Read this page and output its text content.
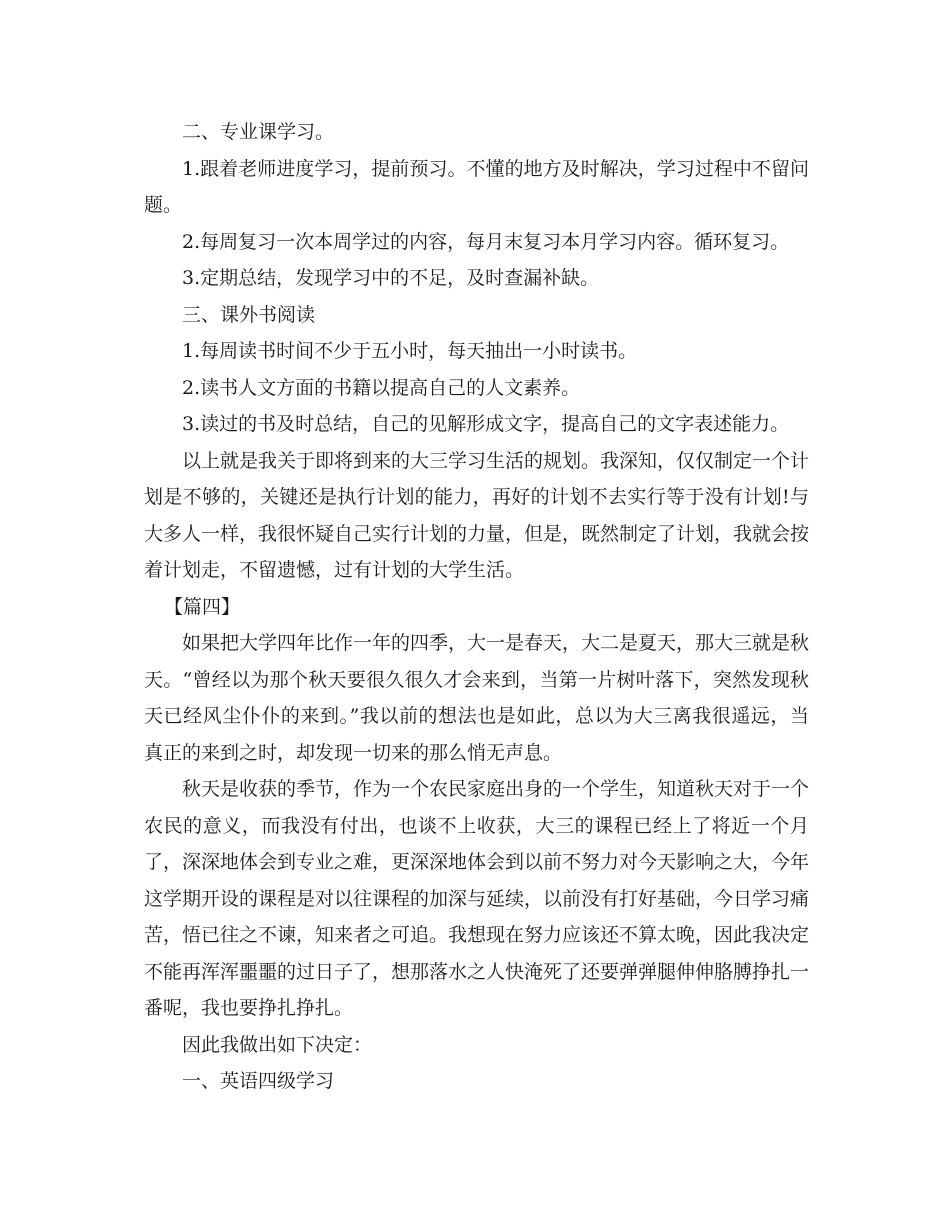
二、专业课学习。

1.跟着老师进度学习，提前预习。不懂的地方及时解决，学习过程中不留问题。

2.每周复习一次本周学过的内容，每月末复习本月学习内容。循环复习。

3.定期总结，发现学习中的不足，及时查漏补缺。

三、课外书阅读

1.每周读书时间不少于五小时，每天抽出一小时读书。

2.读书人文方面的书籍以提高自己的人文素养。

3.读过的书及时总结，自己的见解形成文字，提高自己的文字表述能力。

以上就是我关于即将到来的大三学习生活的规划。我深知，仅仅制定一个计划是不够的，关键还是执行计划的能力，再好的计划不去实行等于没有计划!与大多人一样，我很怀疑自己实行计划的力量，但是，既然制定了计划，我就会按着计划走，不留遗憾，过有计划的大学生活。

【篇四】

如果把大学四年比作一年的四季，大一是春天，大二是夏天，那大三就是秋天。“曾经以为那个秋天要很久很久才会来到，当第一片树叶落下，突然发现秋天已经风尘仆仆的来到。”我以前的想法也是如此，总以为大三离我很遥远，当真正的来到之时，却发现一切来的那么悄无声息。

秋天是收获的季节，作为一个农民家庭出身的一个学生，知道秋天对于一个农民的意义，而我没有付出，也谈不上收获，大三的课程已经上了将近一个月了，深深地体会到专业之难，更深深地体会到以前不努力对今天影响之大，今年这学期开设的课程是对以往课程的加深与延续，以前没有打好基础，今日学习痛苦，悟已往之不谏，知来者之可追。我想现在努力应该还不算太晚，因此我决定不能再浑浑噩噩的过日子了，想那落水之人快淹死了还要弹弹腿伸伸胳膊挣扎一番呢，我也要挣扎挣扎。

因此我做出如下决定：

一、英语四级学习
